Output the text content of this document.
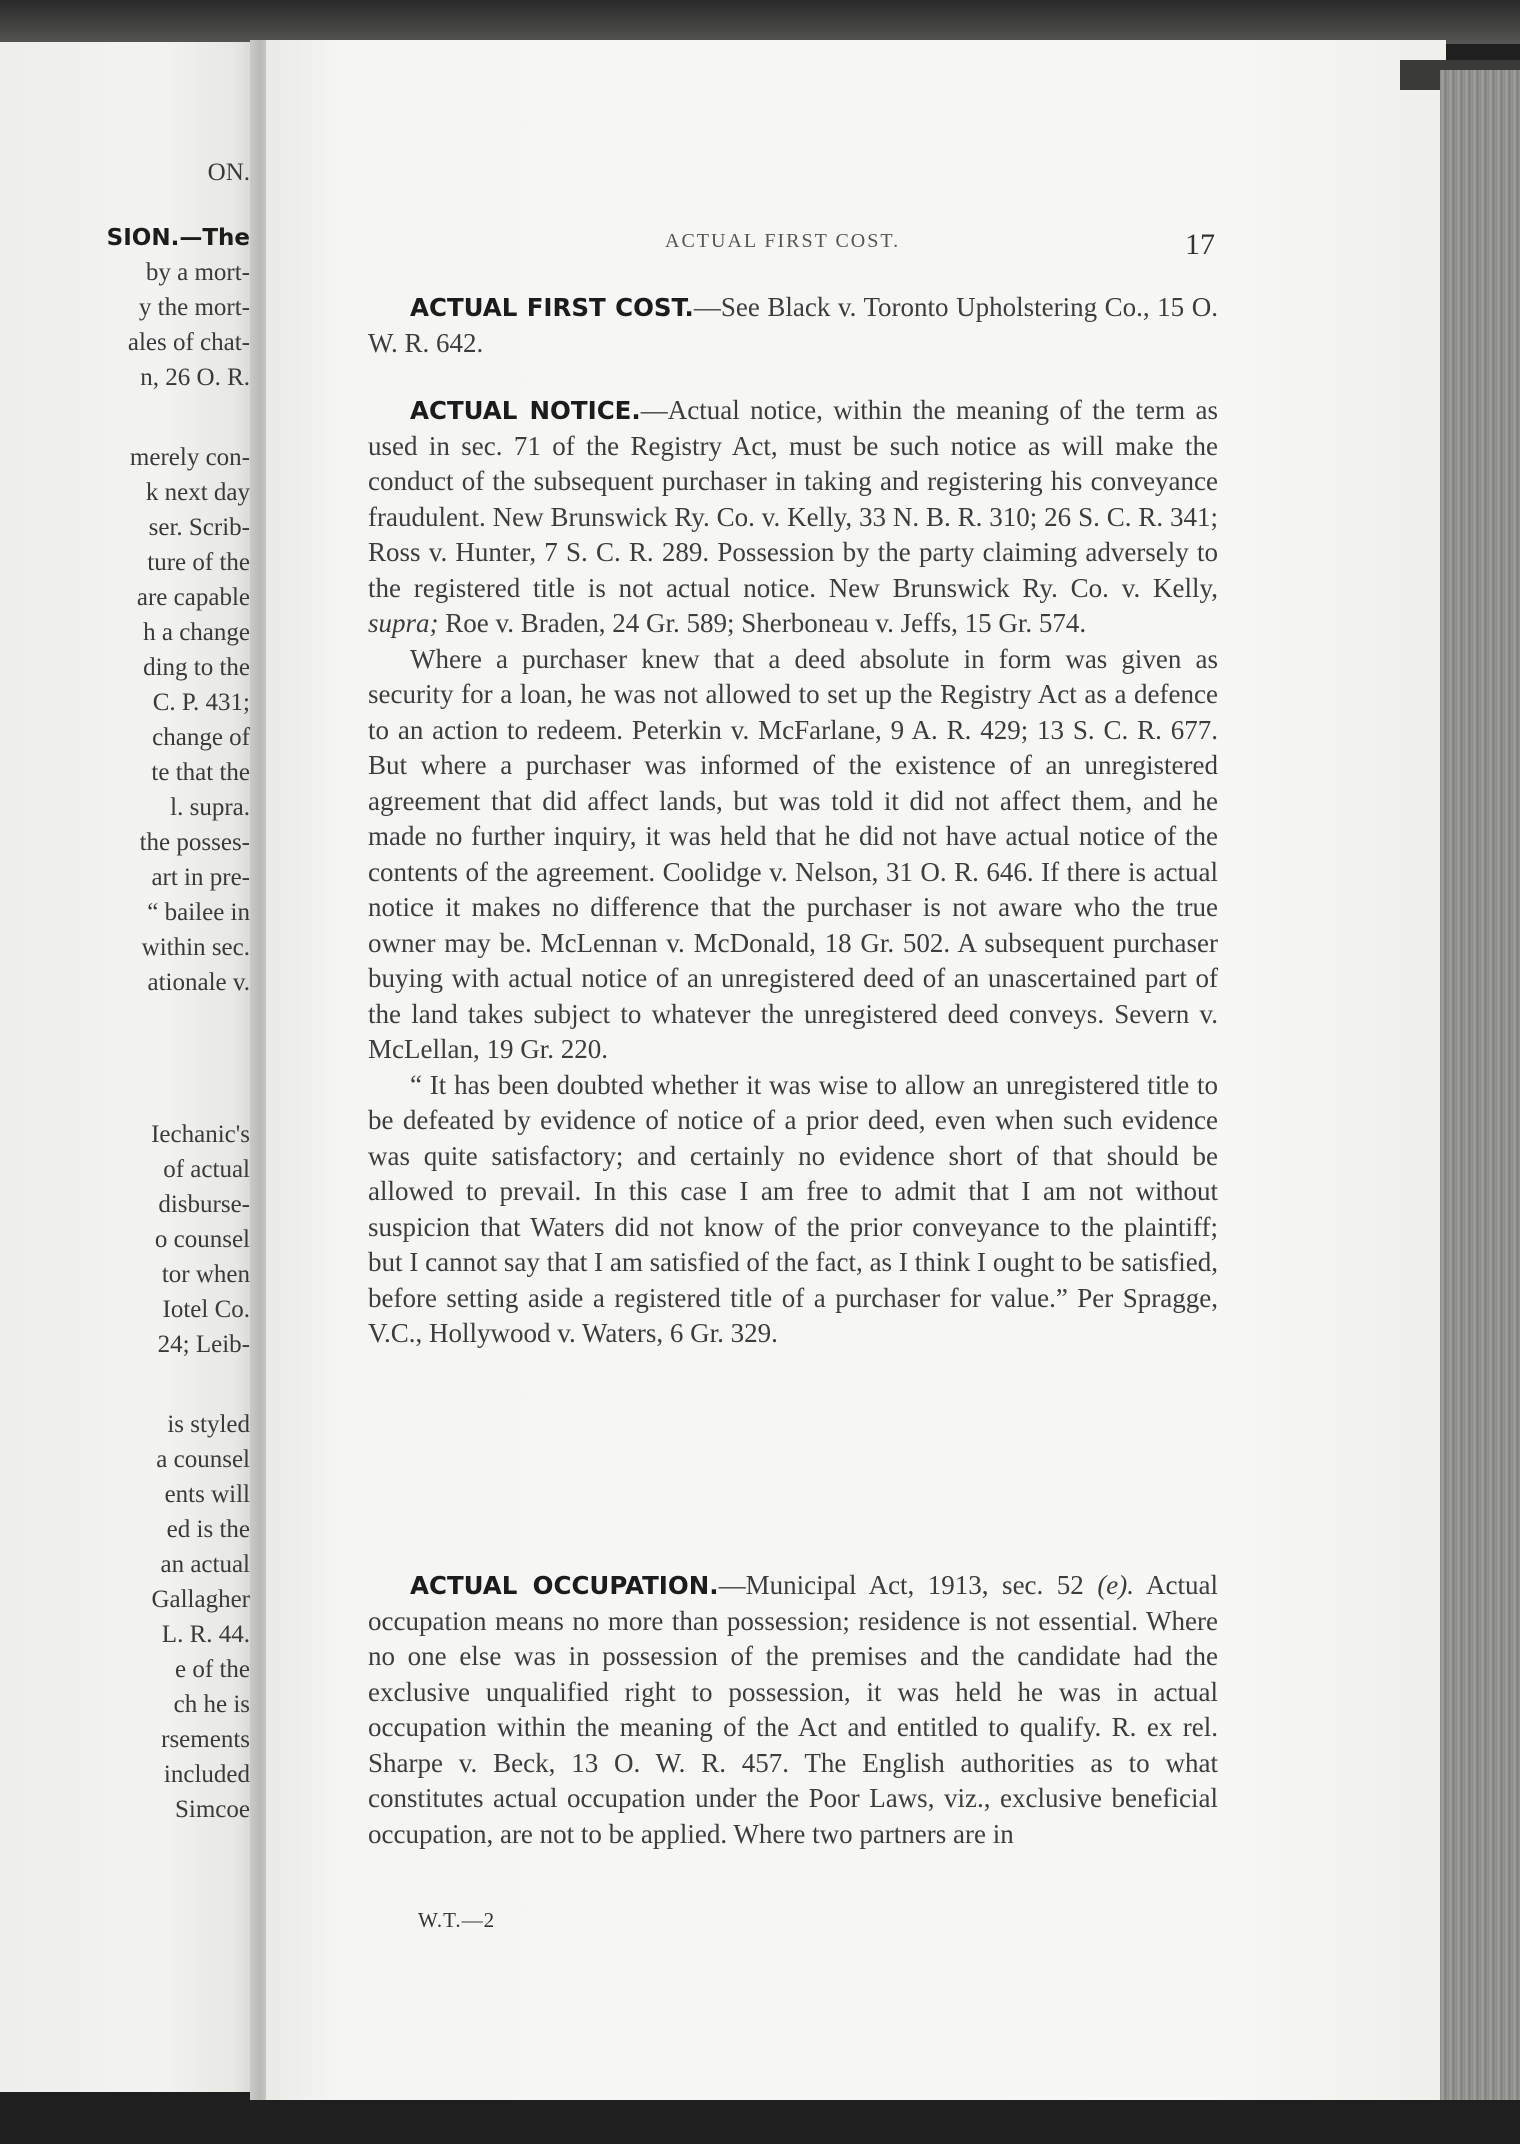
ON.
SION.—The
by a mort-
y the mort-
ales of chat-
n, 26 O. R.
merely con-
k next day
ser. Scrib-
ture of the
are capable
h a change
ding to the
C. P. 431;
change of
te that the
l. supra.
the posses-
art in pre-
“ bailee in
within sec.
ationale v.
Iechanic's
of actual
disburse-
o counsel
tor when
Iotel Co.
24; Leib-
is styled
a counsel
ents will
ed is the
an actual
Gallagher
L. R. 44.
e of the
ch he is
rsements
included
Simcoe
ACTUAL FIRST COST.	17

ACTUAL FIRST COST.—See Black v. Toronto Upholstering Co., 15 O. W. R. 642.

ACTUAL NOTICE.—Actual notice, within the meaning of the term as used in sec. 71 of the Registry Act, must be such notice as will make the conduct of the subsequent purchaser in taking and registering his conveyance fraudulent. New Brunswick Ry. Co. v. Kelly, 33 N. B. R. 310; 26 S. C. R. 341; Ross v. Hunter, 7 S. C. R. 289. Possession by the party claiming adversely to the registered title is not actual notice. New Brunswick Ry. Co. v. Kelly, supra; Roe v. Braden, 24 Gr. 589; Sherboneau v. Jeffs, 15 Gr. 574.

Where a purchaser knew that a deed absolute in form was given as security for a loan, he was not allowed to set up the Registry Act as a defence to an action to redeem. Peterkin v. McFarlane, 9 A. R. 429; 13 S. C. R. 677. But where a purchaser was informed of the existence of an unregistered agreement that did affect lands, but was told it did not affect them, and he made no further inquiry, it was held that he did not have actual notice of the contents of the agreement. Coolidge v. Nelson, 31 O. R. 646. If there is actual notice it makes no difference that the purchaser is not aware who the true owner may be. McLennan v. McDonald, 18 Gr. 502. A subsequent purchaser buying with actual notice of an unregistered deed of an unascertained part of the land takes subject to whatever the unregistered deed conveys. Severn v. McLellan, 19 Gr. 220.

“ It has been doubted whether it was wise to allow an unregistered title to be defeated by evidence of notice of a prior deed, even when such evidence was quite satisfactory; and certainly no evidence short of that should be allowed to prevail. In this case I am free to admit that I am not without suspicion that Waters did not know of the prior conveyance to the plaintiff; but I cannot say that I am satisfied of the fact, as I think I ought to be satisfied, before setting aside a registered title of a purchaser for value.” Per Spragge, V.C., Hollywood v. Waters, 6 Gr. 329.

ACTUAL OCCUPATION.—Municipal Act, 1913, sec. 52 (e). Actual occupation means no more than possession; residence is not essential. Where no one else was in possession of the premises and the candidate had the exclusive unqualified right to possession, it was held he was in actual occupation within the meaning of the Act and entitled to qualify. R. ex rel. Sharpe v. Beck, 13 O. W. R. 457. The English authorities as to what constitutes actual occupation under the Poor Laws, viz., exclusive beneficial occupation, are not to be applied. Where two partners are in

W.T.—2
